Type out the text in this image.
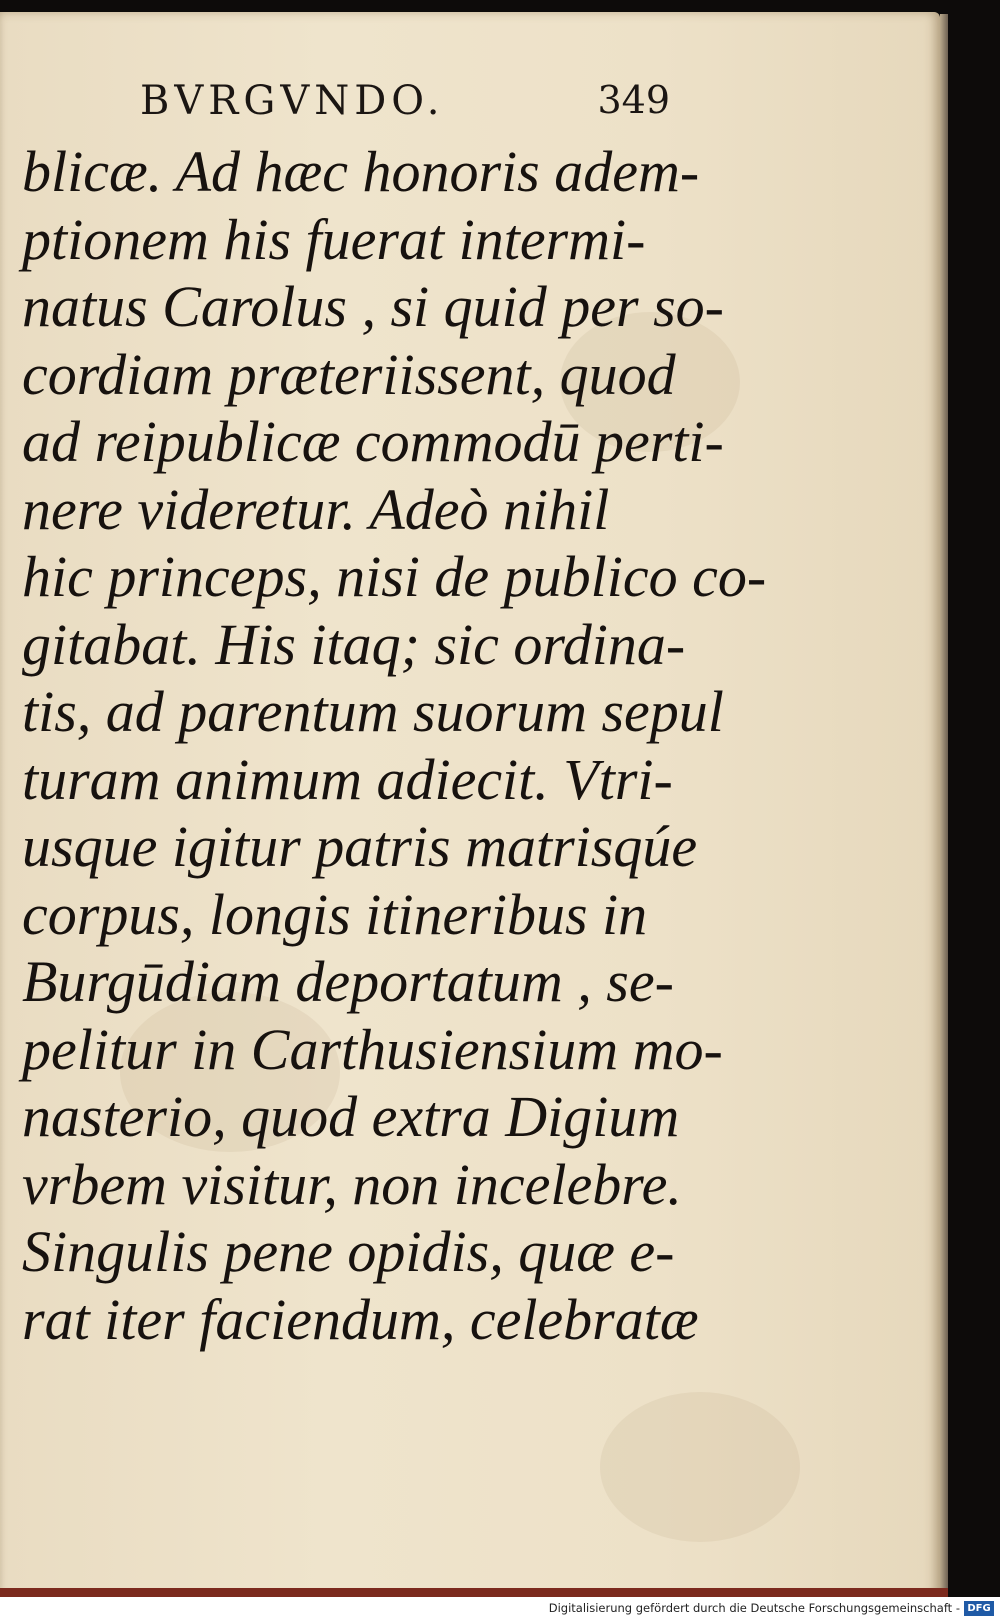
BVRGVNDO.	349
blicæ. Ad hæc honoris adem-
ptionem his fuerat intermi-
natus Carolus , si quid per so-
cordiam præteriissent, quod
ad reipublicæ commodū perti-
nere videretur. Adeò nihil
hic princeps, nisi de publico co-
gitabat. His itaq; sic ordina-
tis, ad parentum suorum sepul
turam animum adiecit. Vtri-
usque igitur patris matrisqúe
corpus, longis itineribus in
Burgūdiam deportatum , se-
pelitur in Carthusiensium mo-
nasterio, quod extra Digium
vrbem visitur, non incelebre.
Singulis pene opidis, quæ e-
rat iter faciendum, celebratæ
Digitalisierung gefördert durch die Deutsche Forschungsgemeinschaft - DFG
